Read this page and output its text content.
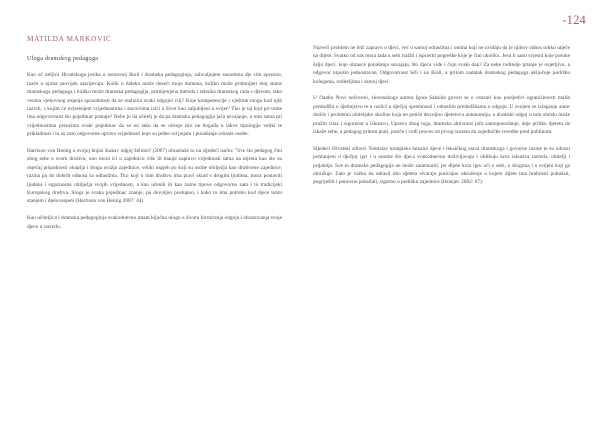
-124
MATILDA MARKOVIĆ
Uloga dramskog pedagoga

Kao uč iteljica Hrvatskoga jezika u osnovnoj školi i dramska pedagoginja, zahvaljujem susretima dje cim oprezno, inače u njima zauvijek sazrijevaju. Kolik o daleko može doseći moja domena, koliko može pridonijeti moj status dramskoga pedagoga i koliko može dramska pedagogija, primijenjena metoda i tehnika dramskog rada s djecom, tako veoma vjekovnog stupnja sposobnosti da se realizira svaki odgojni cilj? Koje kompetencije i vještine mogu kod njih razviti, s kojim će uvjerenjem vrijednostima i stavovima izići u život kao zaljubljeni u svijet? Tko je taj koji pri tome ima odgovornost što pojedinac postaje? Nebo je da učitelj je da pa dramska pedagogija jača usvajanje, u tom sama pri vrijednostima preuzima svaki pojedinac da se on tako da se učenje isto ne događa u takve tipologije veliki te prikladnost i tu su zato odgovorne upravo vrijednosti koje su jedno od pojam i ponašanje odrasle osobe.

Harrison von Hentig u svojoj knjizi Kakav odgoj želimo? (2007) obrazlaže to na sljedeći način: "Sve što pedagog čini zbog sebe u svom društvu, ono mora ići u zajednicu više ili manje zapravo vrijednosti sama na mjestu kao što su osjećaj pripadnosti okuplja i druga oružja zajednice, veliki uspjeh po koji su osobe obilježja kao društvene zajednice, razina pa do dobrih odnosa sa odraslima. Tko koji u tom društvu ima pravi sklad s drugim ljudima, mora postaviti ljudska i sigurnosna obilježja svojih vrijednosti, a kao učenik ili kao razne tipove odgovorno sam i to tradicijski Europskog društva. Stoga je svaka pojedinac znanje, pa dovoljno postupno, i kako to ima potrebu kod djece istim stanjem i djelovanjem (Harrison von Hentig 2007: 44)

Kao učiteljica i dramska pedagoginja svakodnevno imam ključnu ulogu u životu formiranja odgoja i obrazovanja svoje djece u razredu.

Najveći problem ne leži zapravo u djeci, već u samoj odraslima i onima koji ne uviđaju da je njihov odnos toliko utječe na dijete. Svatko od nas mora tada u sebi tražiti i ispraviti pogreške koje je čini ukoliko. Jesu li sami svjesni koje poruke šalju djeci, koje obrasce ponašanja usvajaju, što djeca vide i čuju svaki dan? Za neke roditelje pitanje je osjetljivo, a odgovor nipošto jednostavan. Odgovornost leži i na školi, a pritom zadatak dramskog pedagoga uključuje podršku kolegama, roditeljima i samoj djeci.

U članku Novi nečuveni, slovenskoga autora Igora Saksida govori se o cenzuri kao posljedici ograničenosti malih predodžbi o djetinjstvu te o razlici u dječjoj spremnosti i odraslim predodžbama o odgoju. U svojem se izlaganju autor dotiče i problema obiteljske okoline koja ne potiče dovoljno djetetovu autonomiju, a dramski odgoj u tom smislu može pružiti izlaz i sigurnost u iskustvu. Upravo zbog toga, dramska aktivnost jača samopouzdanje, daje priliku djetetu da iskaže sebe, a pedagog pritom prati, potiče i vodi proces od prvog susreta do zajedničke izvedbe pred publikom.

Sljedeći Hrvatski stihovi Tomislav kompleks benzini djece i leksičkog stava dramskoga i govorne razine te su odnosi pohranjeni u dječjoj igri i u onome što djeca svakodnevno doživljavaju i oblikuju kroz iskustva razreda, obitelji i prijatelja. Sve to dramska pedagogija ne može zanemariti, jer dijete kroz igru uči o sebi, o drugima i o svijetu koji ga okružuje. Zato je važno da odrasli oko djeteta stvaraju poticajno okruženje u kojem dijete ima hrabrosti pokušati, pogriješiti i ponovno pokušati, sigurno u podršku zajednice (Hranjec 2002: 67).
